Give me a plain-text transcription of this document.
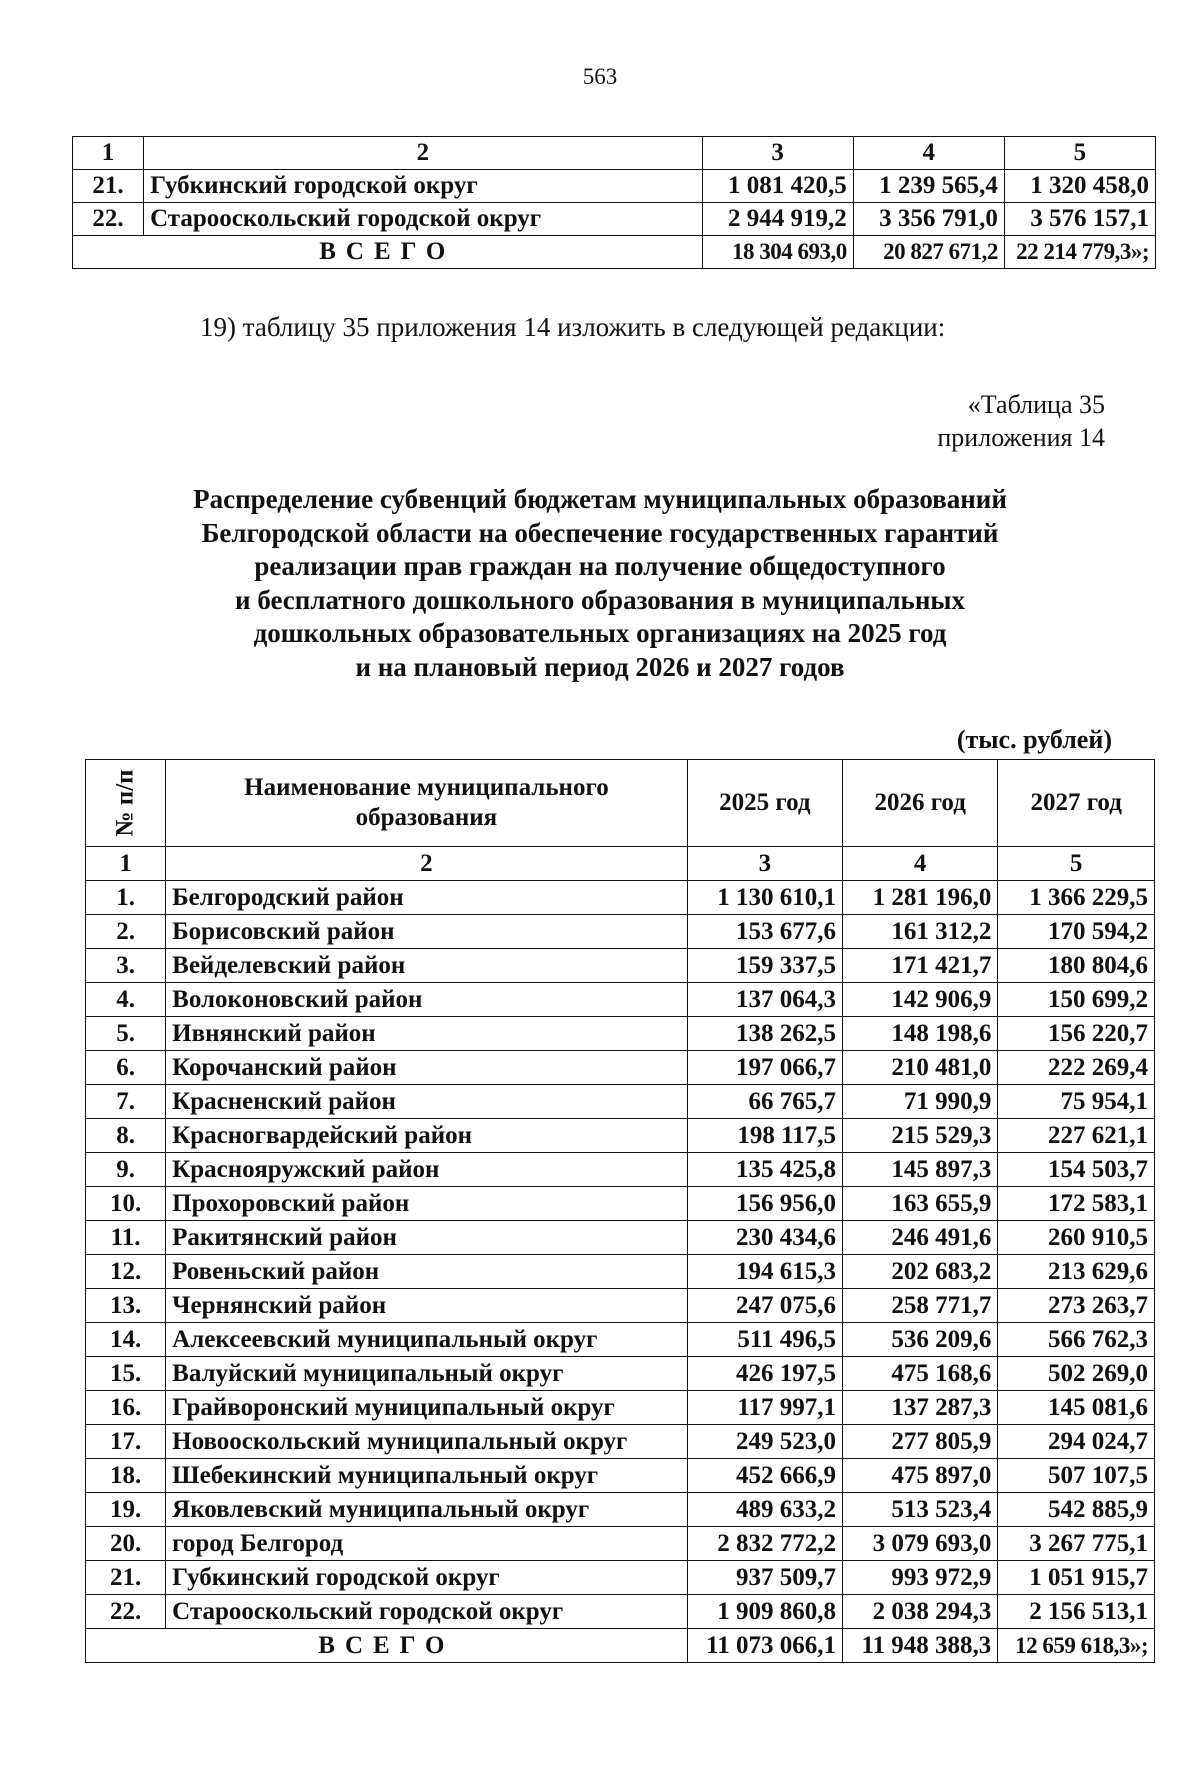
563
1	2	3	4	5
21.	Губкинский городской округ	1 081 420,5	1 239 565,4	1 320 458,0
22.	Старооскольский городской округ	2 944 919,2	3 356 791,0	3 576 157,1
ВСЕГО		18 304 693,0	20 827 671,2	22 214 779,3»;
19) таблицу 35 приложения 14 изложить в следующей редакции:
«Таблица 35
приложения 14
Распределение субвенций бюджетам муниципальных образований
Белгородской области на обеспечение государственных гарантий
реализации прав граждан на получение общедоступного
и бесплатного дошкольного образования в муниципальных
дошкольных образовательных организациях на 2025 год
и на плановый период 2026 и 2027 годов
(тыс. рублей)
№ п/п	Наименование муниципального образования	2025 год	2026 год	2027 год
1	2	3	4	5
1.	Белгородский район	1 130 610,1	1 281 196,0	1 366 229,5
2.	Борисовский район	153 677,6	161 312,2	170 594,2
3.	Вейделевский район	159 337,5	171 421,7	180 804,6
4.	Волоконовский район	137 064,3	142 906,9	150 699,2
5.	Ивнянский район	138 262,5	148 198,6	156 220,7
6.	Корочанский район	197 066,7	210 481,0	222 269,4
7.	Красненский район	66 765,7	71 990,9	75 954,1
8.	Красногвардейский район	198 117,5	215 529,3	227 621,1
9.	Краснояружский район	135 425,8	145 897,3	154 503,7
10.	Прохоровский район	156 956,0	163 655,9	172 583,1
11.	Ракитянский район	230 434,6	246 491,6	260 910,5
12.	Ровеньский район	194 615,3	202 683,2	213 629,6
13.	Чернянский район	247 075,6	258 771,7	273 263,7
14.	Алексеевский муниципальный округ	511 496,5	536 209,6	566 762,3
15.	Валуйский муниципальный округ	426 197,5	475 168,6	502 269,0
16.	Грайворонский муниципальный округ	117 997,1	137 287,3	145 081,6
17.	Новооскольский муниципальный округ	249 523,0	277 805,9	294 024,7
18.	Шебекинский муниципальный округ	452 666,9	475 897,0	507 107,5
19.	Яковлевский муниципальный округ	489 633,2	513 523,4	542 885,9
20.	город Белгород	2 832 772,2	3 079 693,0	3 267 775,1
21.	Губкинский городской округ	937 509,7	993 972,9	1 051 915,7
22.	Старооскольский городской округ	1 909 860,8	2 038 294,3	2 156 513,1
ВСЕГО		11 073 066,1	11 948 388,3	12 659 618,3»;
